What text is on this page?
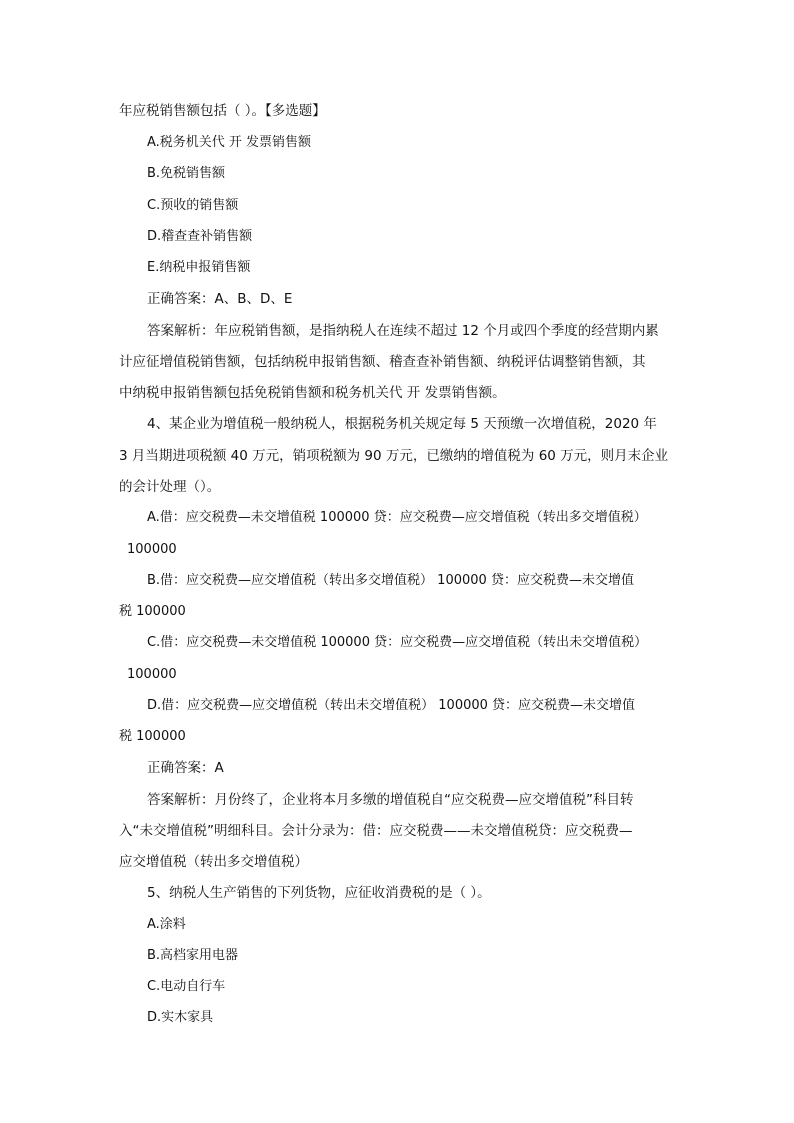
年应税销售额包括（ ）。【多选题】
A.税务机关代 开 发票销售额
B.免税销售额
C.预收的销售额
D.稽查查补销售额
E.纳税申报销售额
正确答案：A、B、D、E
答案解析：年应税销售额，是指纳税人在连续不超过 12 个月或四个季度的经营期内累
计应征增值税销售额，包括纳税申报销售额、稽查查补销售额、纳税评估调整销售额，其
中纳税申报销售额包括免税销售额和税务机关代 开 发票销售额。
4、某企业为增值税一般纳税人，根据税务机关规定每 5 天预缴一次增值税，2020 年
3 月当期进项税额 40 万元，销项税额为 90 万元，已缴纳的增值税为 60 万元，则月末企业
的会计处理（）。
A.借：应交税费—未交增值税 100000 贷：应交税费—应交增值税（转出多交增值税）
100000
B.借：应交税费—应交增值税（转出多交增值税） 100000 贷：应交税费—未交增值
税 100000
C.借：应交税费—未交增值税 100000 贷：应交税费—应交增值税（转出未交增值税）
100000
D.借：应交税费—应交增值税（转出未交增值税） 100000 贷：应交税费—未交增值
税 100000
正确答案：A
答案解析：月份终了，企业将本月多缴的增值税自“应交税费—应交增值税”科目转
入“未交增值税”明细科目。会计分录为：借：应交税费——未交增值税贷：应交税费—
应交增值税（转出多交增值税）
5、纳税人生产销售的下列货物，应征收消费税的是（ ）。
A.涂料
B.高档家用电器
C.电动自行车
D.实木家具
